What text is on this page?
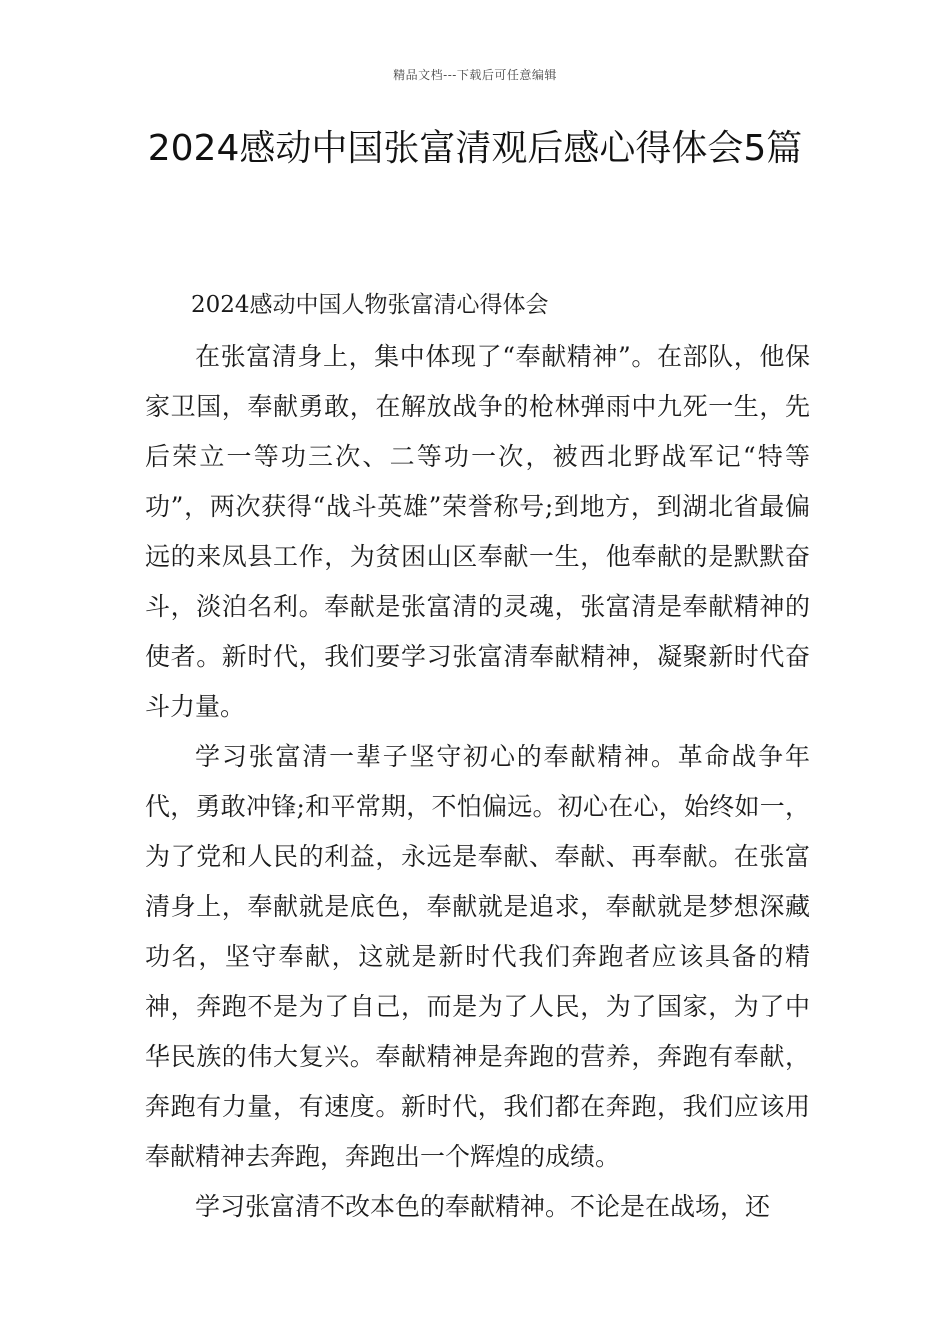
精品文档---下载后可任意编辑
2024感动中国张富清观后感心得体会5篇
2024感动中国人物张富清心得体会

在张富清身上，集中体现了“奉献精神”。在部队，他保家卫国，奉献勇敢，在解放战争的枪林弹雨中九死一生，先后荣立一等功三次、二等功一次，被西北野战军记“特等功”，两次获得“战斗英雄”荣誉称号;到地方，到湖北省最偏远的来凤县工作，为贫困山区奉献一生，他奉献的是默默奋斗，淡泊名利。奉献是张富清的灵魂，张富清是奉献精神的使者。新时代，我们要学习张富清奉献精神，凝聚新时代奋斗力量。

学习张富清一辈子坚守初心的奉献精神。革命战争年代，勇敢冲锋;和平常期，不怕偏远。初心在心，始终如一，为了党和人民的利益，永远是奉献、奉献、再奉献。在张富清身上，奉献就是底色，奉献就是追求，奉献就是梦想深藏功名，坚守奉献，这就是新时代我们奔跑者应该具备的精神，奔跑不是为了自己，而是为了人民，为了国家，为了中华民族的伟大复兴。奉献精神是奔跑的营养，奔跑有奉献，奔跑有力量，有速度。新时代，我们都在奔跑，我们应该用奉献精神去奔跑，奔跑出一个辉煌的成绩。

学习张富清不改本色的奉献精神。不论是在战场，还
